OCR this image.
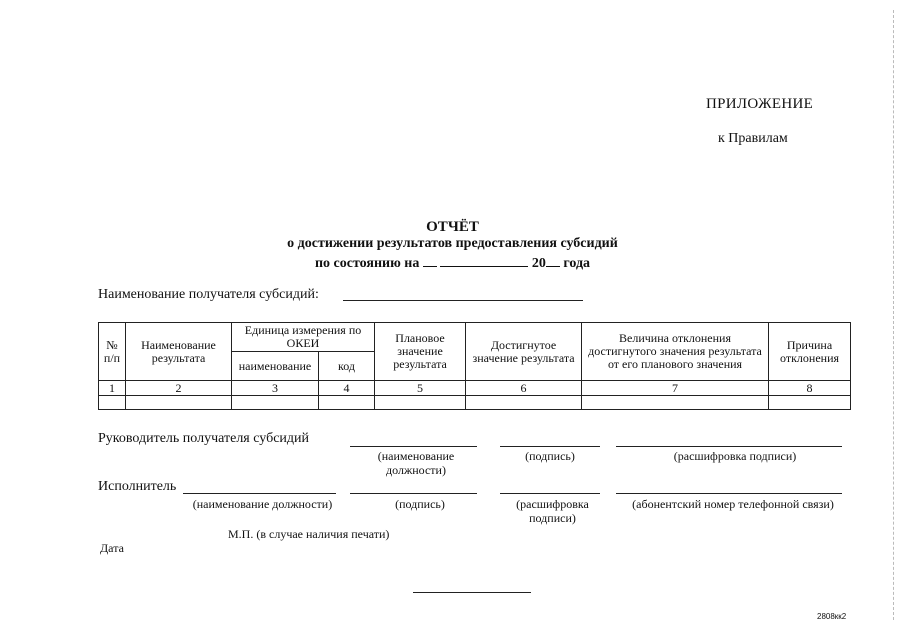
ПРИЛОЖЕНИЕ
к Правилам
ОТЧЁТ
о достижении результатов предоставления субсидий
по состоянию на	20 года
Наименование получателя субсидий:
№ п/п	Наименование результата	Единица измерения по ОКЕИ		Плановое значение результата	Достигнутое значение результата	Величина отклонения достигнутого значения результата от его планового значения	Причина отклонения
		наименование	код				
1	2	3	4	5	6	7	8

Руководитель получателя субсидий
(наименование должности)
(подпись)	(расшифровка подписи)
Исполнитель
(наименование должности)	(подпись)	(расшифровка подписи)
(абонентский номер телефонной связи)
М.П. (в случае наличия печати)
Дата
2808кк2
